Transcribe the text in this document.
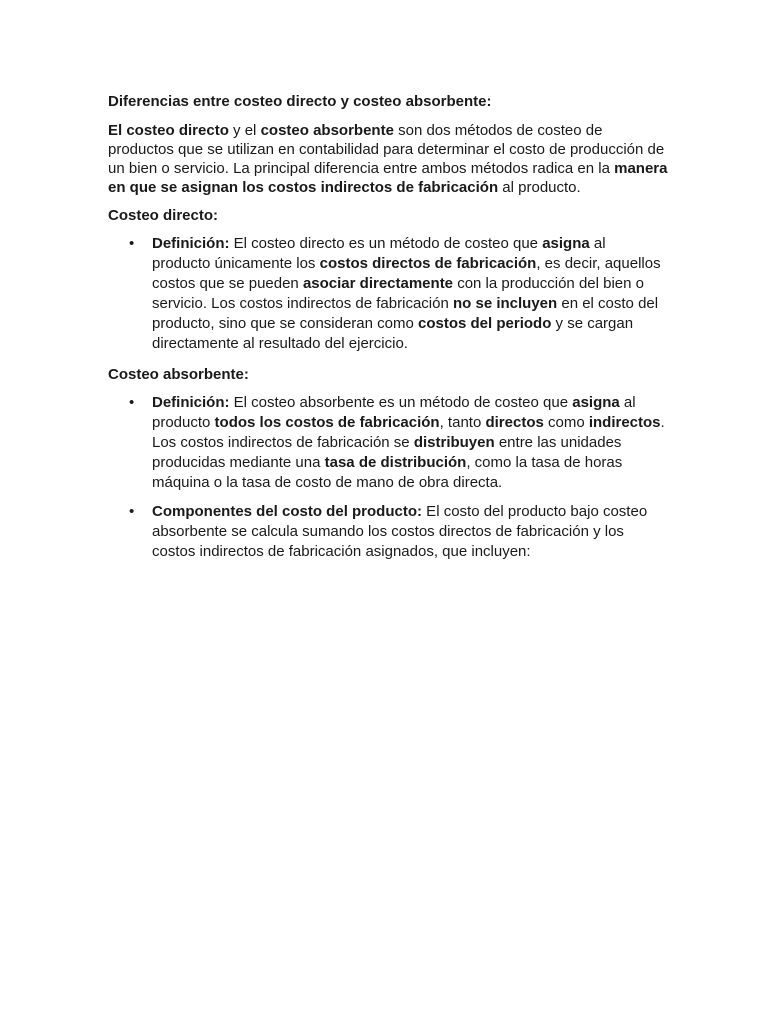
Diferencias entre costeo directo y costeo absorbente:

El costeo directo y el costeo absorbente son dos métodos de costeo de productos que se utilizan en contabilidad para determinar el costo de producción de un bien o servicio. La principal diferencia entre ambos métodos radica en la manera en que se asignan los costos indirectos de fabricación al producto.

Costeo directo:
• Definición: El costeo directo es un método de costeo que asigna al producto únicamente los costos directos de fabricación, es decir, aquellos costos que se pueden asociar directamente con la producción del bien o servicio. Los costos indirectos de fabricación no se incluyen en el costo del producto, sino que se consideran como costos del periodo y se cargan directamente al resultado del ejercicio.
Costeo absorbente:
• Definición: El costeo absorbente es un método de costeo que asigna al producto todos los costos de fabricación, tanto directos como indirectos. Los costos indirectos de fabricación se distribuyen entre las unidades producidas mediante una tasa de distribución, como la tasa de horas máquina o la tasa de costo de mano de obra directa.
• Componentes del costo del producto: El costo del producto bajo costeo absorbente se calcula sumando los costos directos de fabricación y los costos indirectos de fabricación asignados, que incluyen:
